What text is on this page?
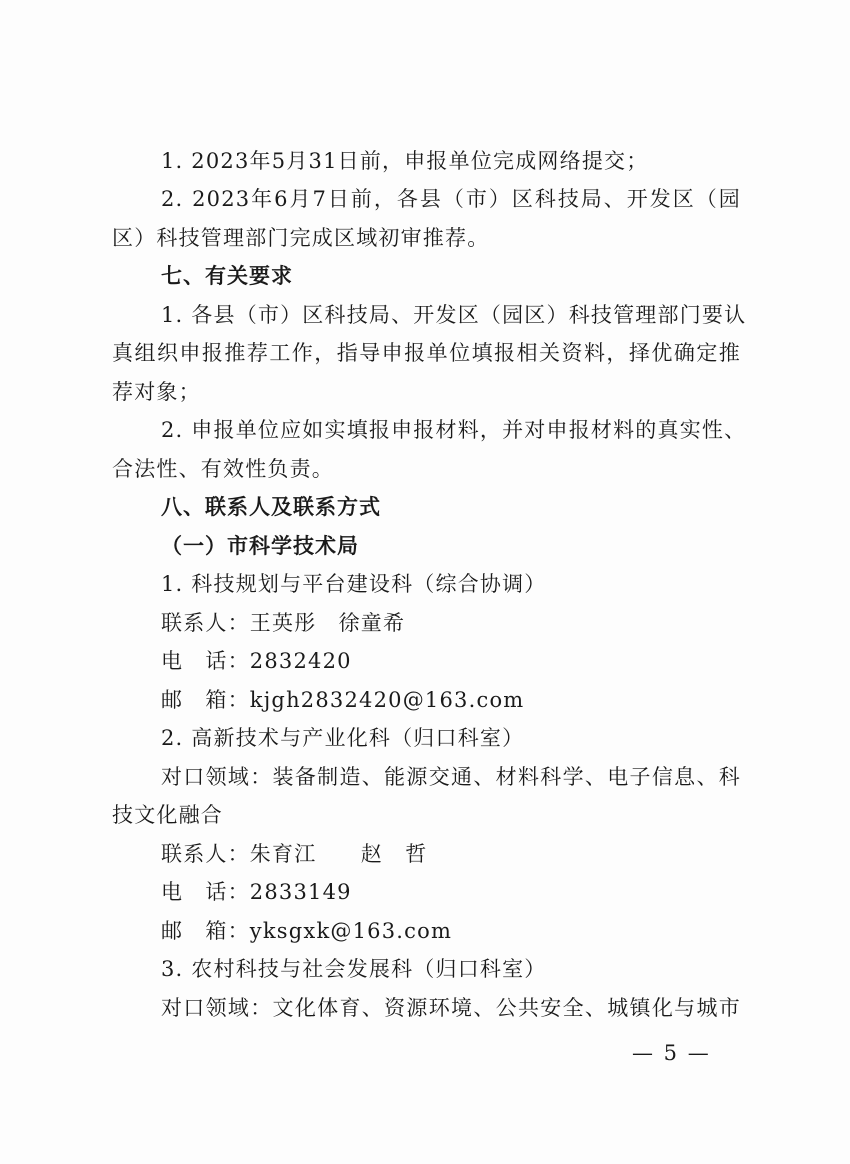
1. 2023年5月31日前，申报单位完成网络提交；
2. 2023年6月7日前，各县（市）区科技局、开发区（园
区）科技管理部门完成区域初审推荐。
七、有关要求
1. 各县（市）区科技局、开发区（园区）科技管理部门要认
真组织申报推荐工作，指导申报单位填报相关资料，择优确定推
荐对象；
2. 申报单位应如实填报申报材料，并对申报材料的真实性、
合法性、有效性负责。
八、联系人及联系方式
（一）市科学技术局
1. 科技规划与平台建设科（综合协调）
联系人：王英彤　徐童希
电　话：2832420
邮　箱：kjgh2832420@163.com
2. 高新技术与产业化科（归口科室）
对口领域：装备制造、能源交通、材料科学、电子信息、科
技文化融合
联系人：朱育江　　赵　哲
电　话：2833149
邮　箱：yksgxk@163.com
3. 农村科技与社会发展科（归口科室）
对口领域：文化体育、资源环境、公共安全、城镇化与城市
— 5 —
